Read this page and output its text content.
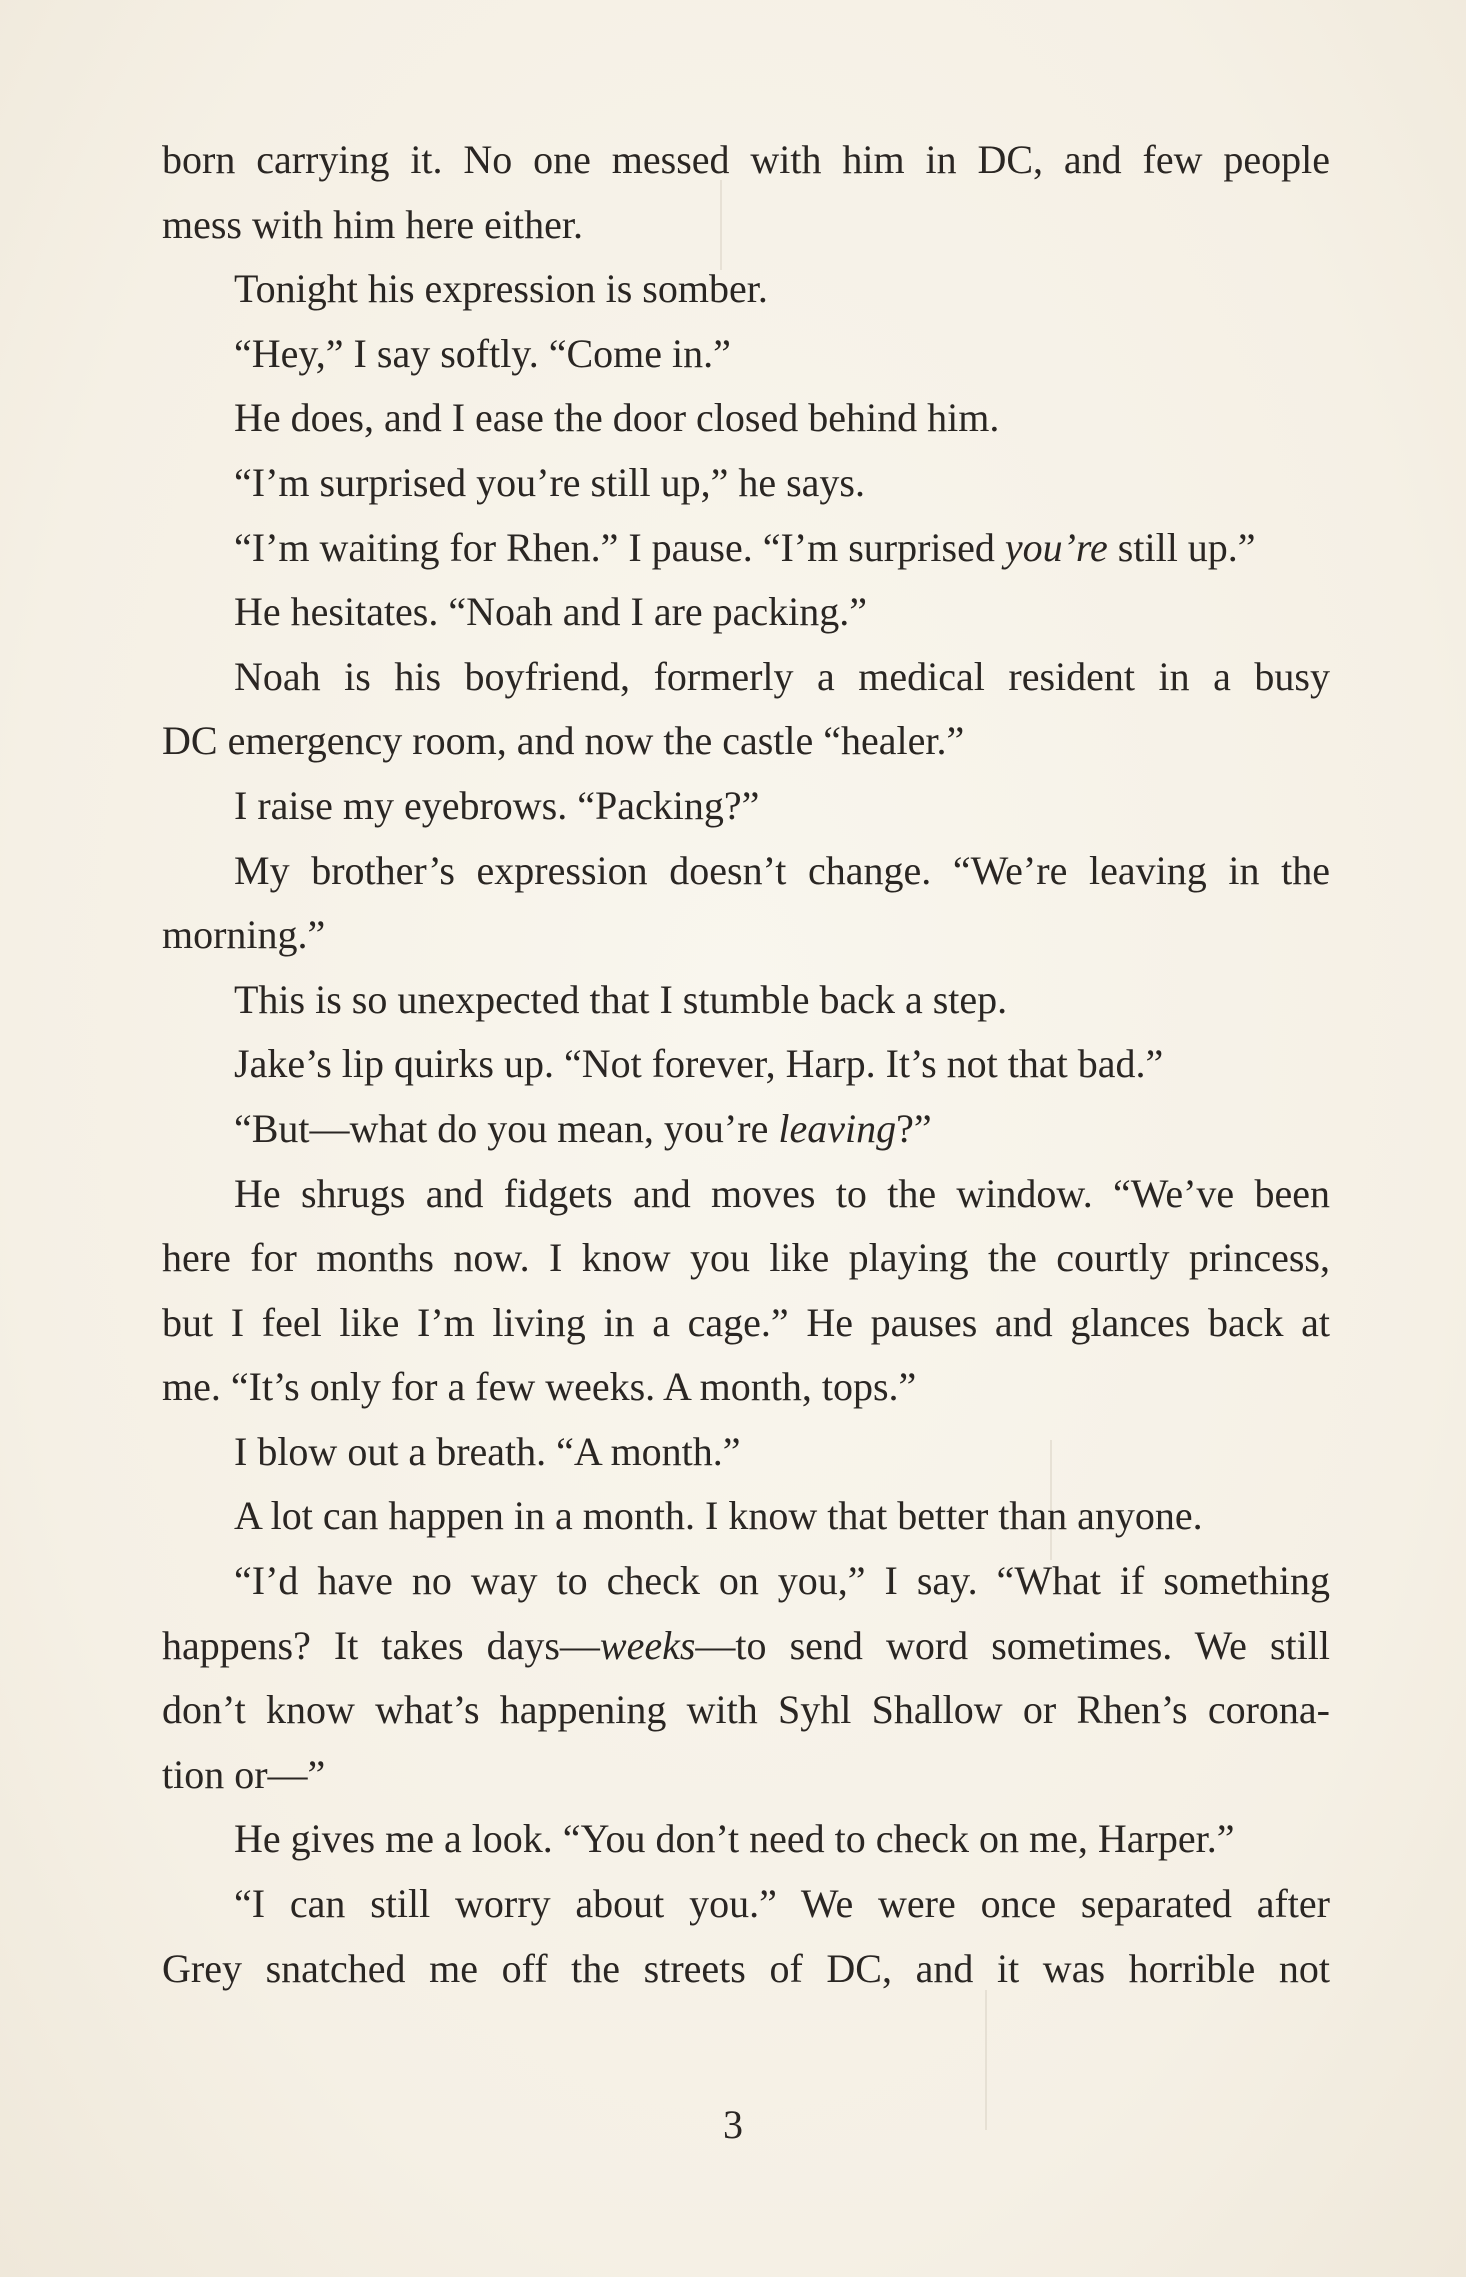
born carrying it. No one messed with him in DC, and few people
mess with him here either.
Tonight his expression is somber.
“Hey,” I say softly. “Come in.”
He does, and I ease the door closed behind him.
“I’m surprised you’re still up,” he says.
“I’m waiting for Rhen.” I pause. “I’m surprised you’re still up.”
He hesitates. “Noah and I are packing.”
Noah is his boyfriend, formerly a medical resident in a busy
DC emergency room, and now the castle “healer.”
I raise my eyebrows. “Packing?”
My brother’s expression doesn’t change. “We’re leaving in the
morning.”
This is so unexpected that I stumble back a step.
Jake’s lip quirks up. “Not forever, Harp. It’s not that bad.”
“But—what do you mean, you’re leaving?”
He shrugs and fidgets and moves to the window. “We’ve been
here for months now. I know you like playing the courtly princess,
but I feel like I’m living in a cage.” He pauses and glances back at
me. “It’s only for a few weeks. A month, tops.”
I blow out a breath. “A month.”
A lot can happen in a month. I know that better than anyone.
“I’d have no way to check on you,” I say. “What if something
happens? It takes days—weeks—to send word sometimes. We still
don’t know what’s happening with Syhl Shallow or Rhen’s corona-
tion or—”
He gives me a look. “You don’t need to check on me, Harper.”
“I can still worry about you.” We were once separated after
Grey snatched me off the streets of DC, and it was horrible not
3
